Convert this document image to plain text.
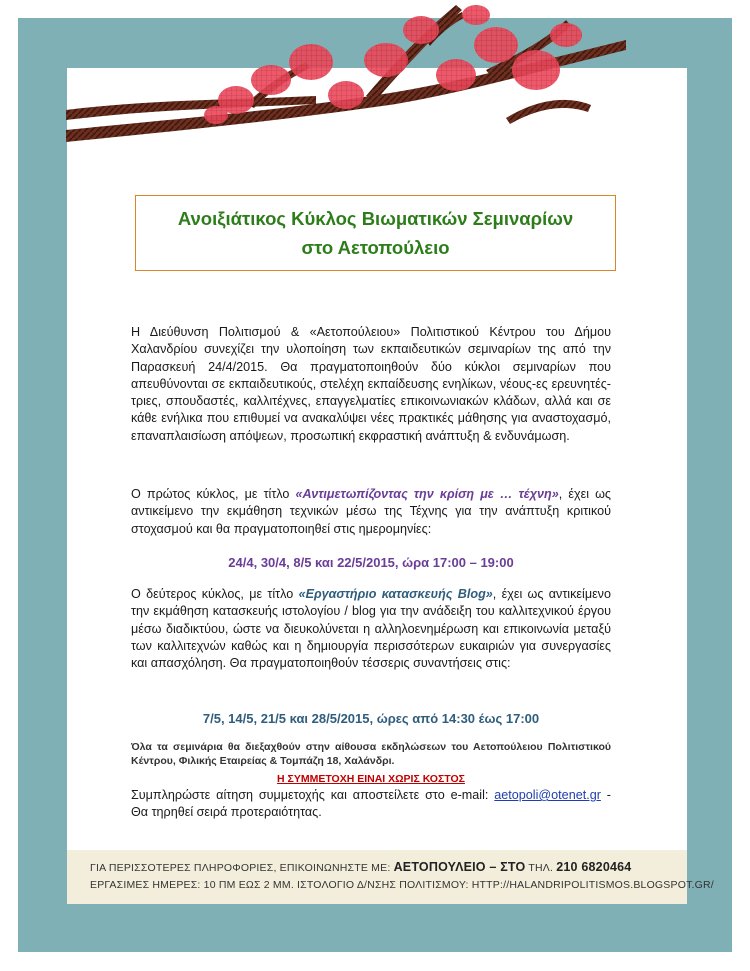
Ανοιξιάτικος Κύκλος Βιωματικών Σεμιναρίων
στο Αετοπούλειο

Η Διεύθυνση Πολιτισμού & «Αετοπούλειου» Πολιτιστικού Κέντρου του Δήμου Χαλανδρίου συνεχίζει την υλοποίηση των εκπαιδευτικών σεμιναρίων της από την Παρασκευή 24/4/2015. Θα πραγματοποιηθούν δύο κύκλοι σεμιναρίων που απευθύνονται σε εκπαιδευτικούς, στελέχη εκπαίδευσης ενηλίκων, νέους-ες ερευνητές-τριες, σπουδαστές, καλλιτέχνες, επαγγελματίες επικοινωνιακών κλάδων, αλλά και σε κάθε ενήλικα που επιθυμεί να ανακαλύψει νέες πρακτικές μάθησης για αναστοχασμό, επαναπλαισίωση απόψεων, προσωπική εκφραστική ανάπτυξη & ενδυνάμωση.

Ο πρώτος κύκλος, με τίτλο «Αντιμετωπίζοντας την κρίση με … τέχνη», έχει ως αντικείμενο την εκμάθηση τεχνικών μέσω της Τέχνης για την ανάπτυξη κριτικού στοχασμού και θα πραγματοποιηθεί στις ημερομηνίες:

24/4, 30/4, 8/5 και 22/5/2015, ώρα 17:00 – 19:00

Ο δεύτερος κύκλος, με τίτλο «Εργαστήριο κατασκευής Blog», έχει ως αντικείμενο την εκμάθηση κατασκευής ιστολογίου / blog για την ανάδειξη του καλλιτεχνικού έργου μέσω διαδικτύου, ώστε να διευκολύνεται η αλληλοενημέρωση και επικοινωνία μεταξύ των καλλιτεχνών καθώς και η δημιουργία περισσότερων ευκαιριών για συνεργασίες και απασχόληση. Θα πραγματοποιηθούν τέσσερις συναντήσεις στις:

7/5, 14/5, 21/5 και 28/5/2015, ώρες από 14:30 έως 17:00

Όλα τα σεμινάρια θα διεξαχθούν στην αίθουσα εκδηλώσεων του Αετοπούλειου Πολιτιστικού Κέντρου, Φιλικής Εταιρείας & Τομπάζη 18, Χαλάνδρι.

Η ΣΥΜΜΕΤΟΧΗ ΕΙΝΑΙ ΧΩΡΙΣ ΚΟΣΤΟΣ

Συμπληρώστε αίτηση συμμετοχής και αποστείλετε στο e-mail: aetopoli@otenet.gr - Θα τηρηθεί σειρά προτεραιότητας.

ΓΙΑ ΠΕΡΙΣΣΟΤΕΡΕΣ ΠΛΗΡΟΦΟΡΙΕΣ, ΕΠΙΚΟΙΝΩΝΗΣΤΕ ΜΕ: ΑΕΤΟΠΟΥΛΕΙΟ – ΣΤΟ ΤΗΛ. 210 6820464
ΕΡΓΑΣΙΜΕΣ ΗΜΕΡΕΣ: 10 ΠΜ ΕΩΣ 2 ΜΜ. ΙΣΤΟΛΟΓΙΟ Δ/ΝΣΗΣ ΠΟΛΙΤΙΣΜΟΥ: HTTP://HALANDRIPOLITISMOS.BLOGSPOT.GR/
